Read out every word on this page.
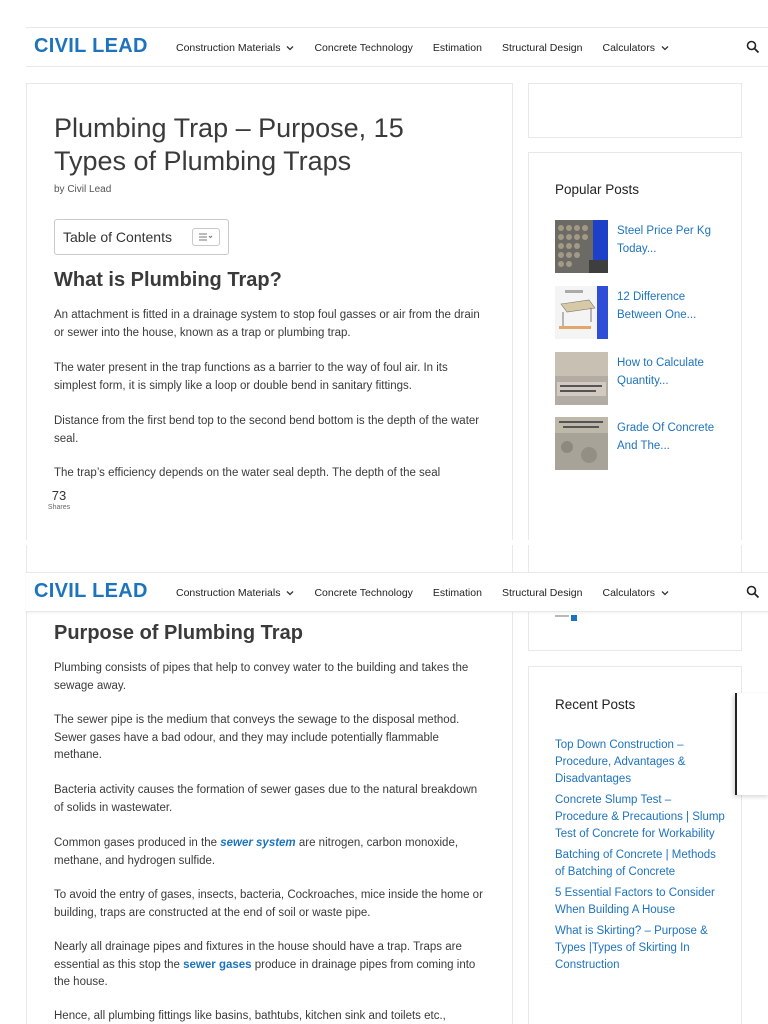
CIVIL LEAD	Construction Materials	Concrete Technology Estimation Structural Design Calculators
Plumbing Trap – Purpose, 15 Types of Plumbing Traps
by Civil Lead
Table of Contents
What is Plumbing Trap?

An attachment is fitted in a drainage system to stop foul gasses or air from the drain or sewer into the house, known as a trap or plumbing trap.

The water present in the trap functions as a barrier to the way of foul air. In its simplest form, it is simply like a loop or double bend in sanitary fittings.

Distance from the first bend top to the second bend bottom is the depth of the water seal.

The trap’s efficiency depends on the water seal depth. The depth of the seal

73
Shares
Popular Posts
Steel Price Per Kg Today...
12 Difference Between One...
How to Calculate Quantity...
Grade Of Concrete And The...
Purpose of Plumbing Trap

Plumbing consists of pipes that help to convey water to the building and takes the sewage away.

The sewer pipe is the medium that conveys the sewage to the disposal method. Sewer gases have a bad odour, and they may include potentially flammable methane.

Bacteria activity causes the formation of sewer gases due to the natural breakdown of solids in wastewater.

Common gases produced in the sewer system are nitrogen, carbon monoxide, methane, and hydrogen sulfide.

To avoid the entry of gases, insects, bacteria, Cockroaches, mice inside the home or building, traps are constructed at the end of soil or waste pipe.

Nearly all drainage pipes and fixtures in the house should have a trap. Traps are essential as this stop the sewer gases produce in drainage pipes from coming into the house.

Hence, all plumbing fittings like basins, bathtubs, kitchen sink and toilets etc.,

Recent Posts
Top Down Construction – Procedure, Advantages & Disadvantages
Concrete Slump Test – Procedure & Precautions | Slump Test of Concrete for Workability
Batching of Concrete | Methods of Batching of Concrete
5 Essential Factors to Consider When Building A House
What is Skirting? – Purpose & Types |Types of Skirting In Construction
CIVIL LEAD	Construction Materials	Concrete Technology Estimation Structural Design Calculators
